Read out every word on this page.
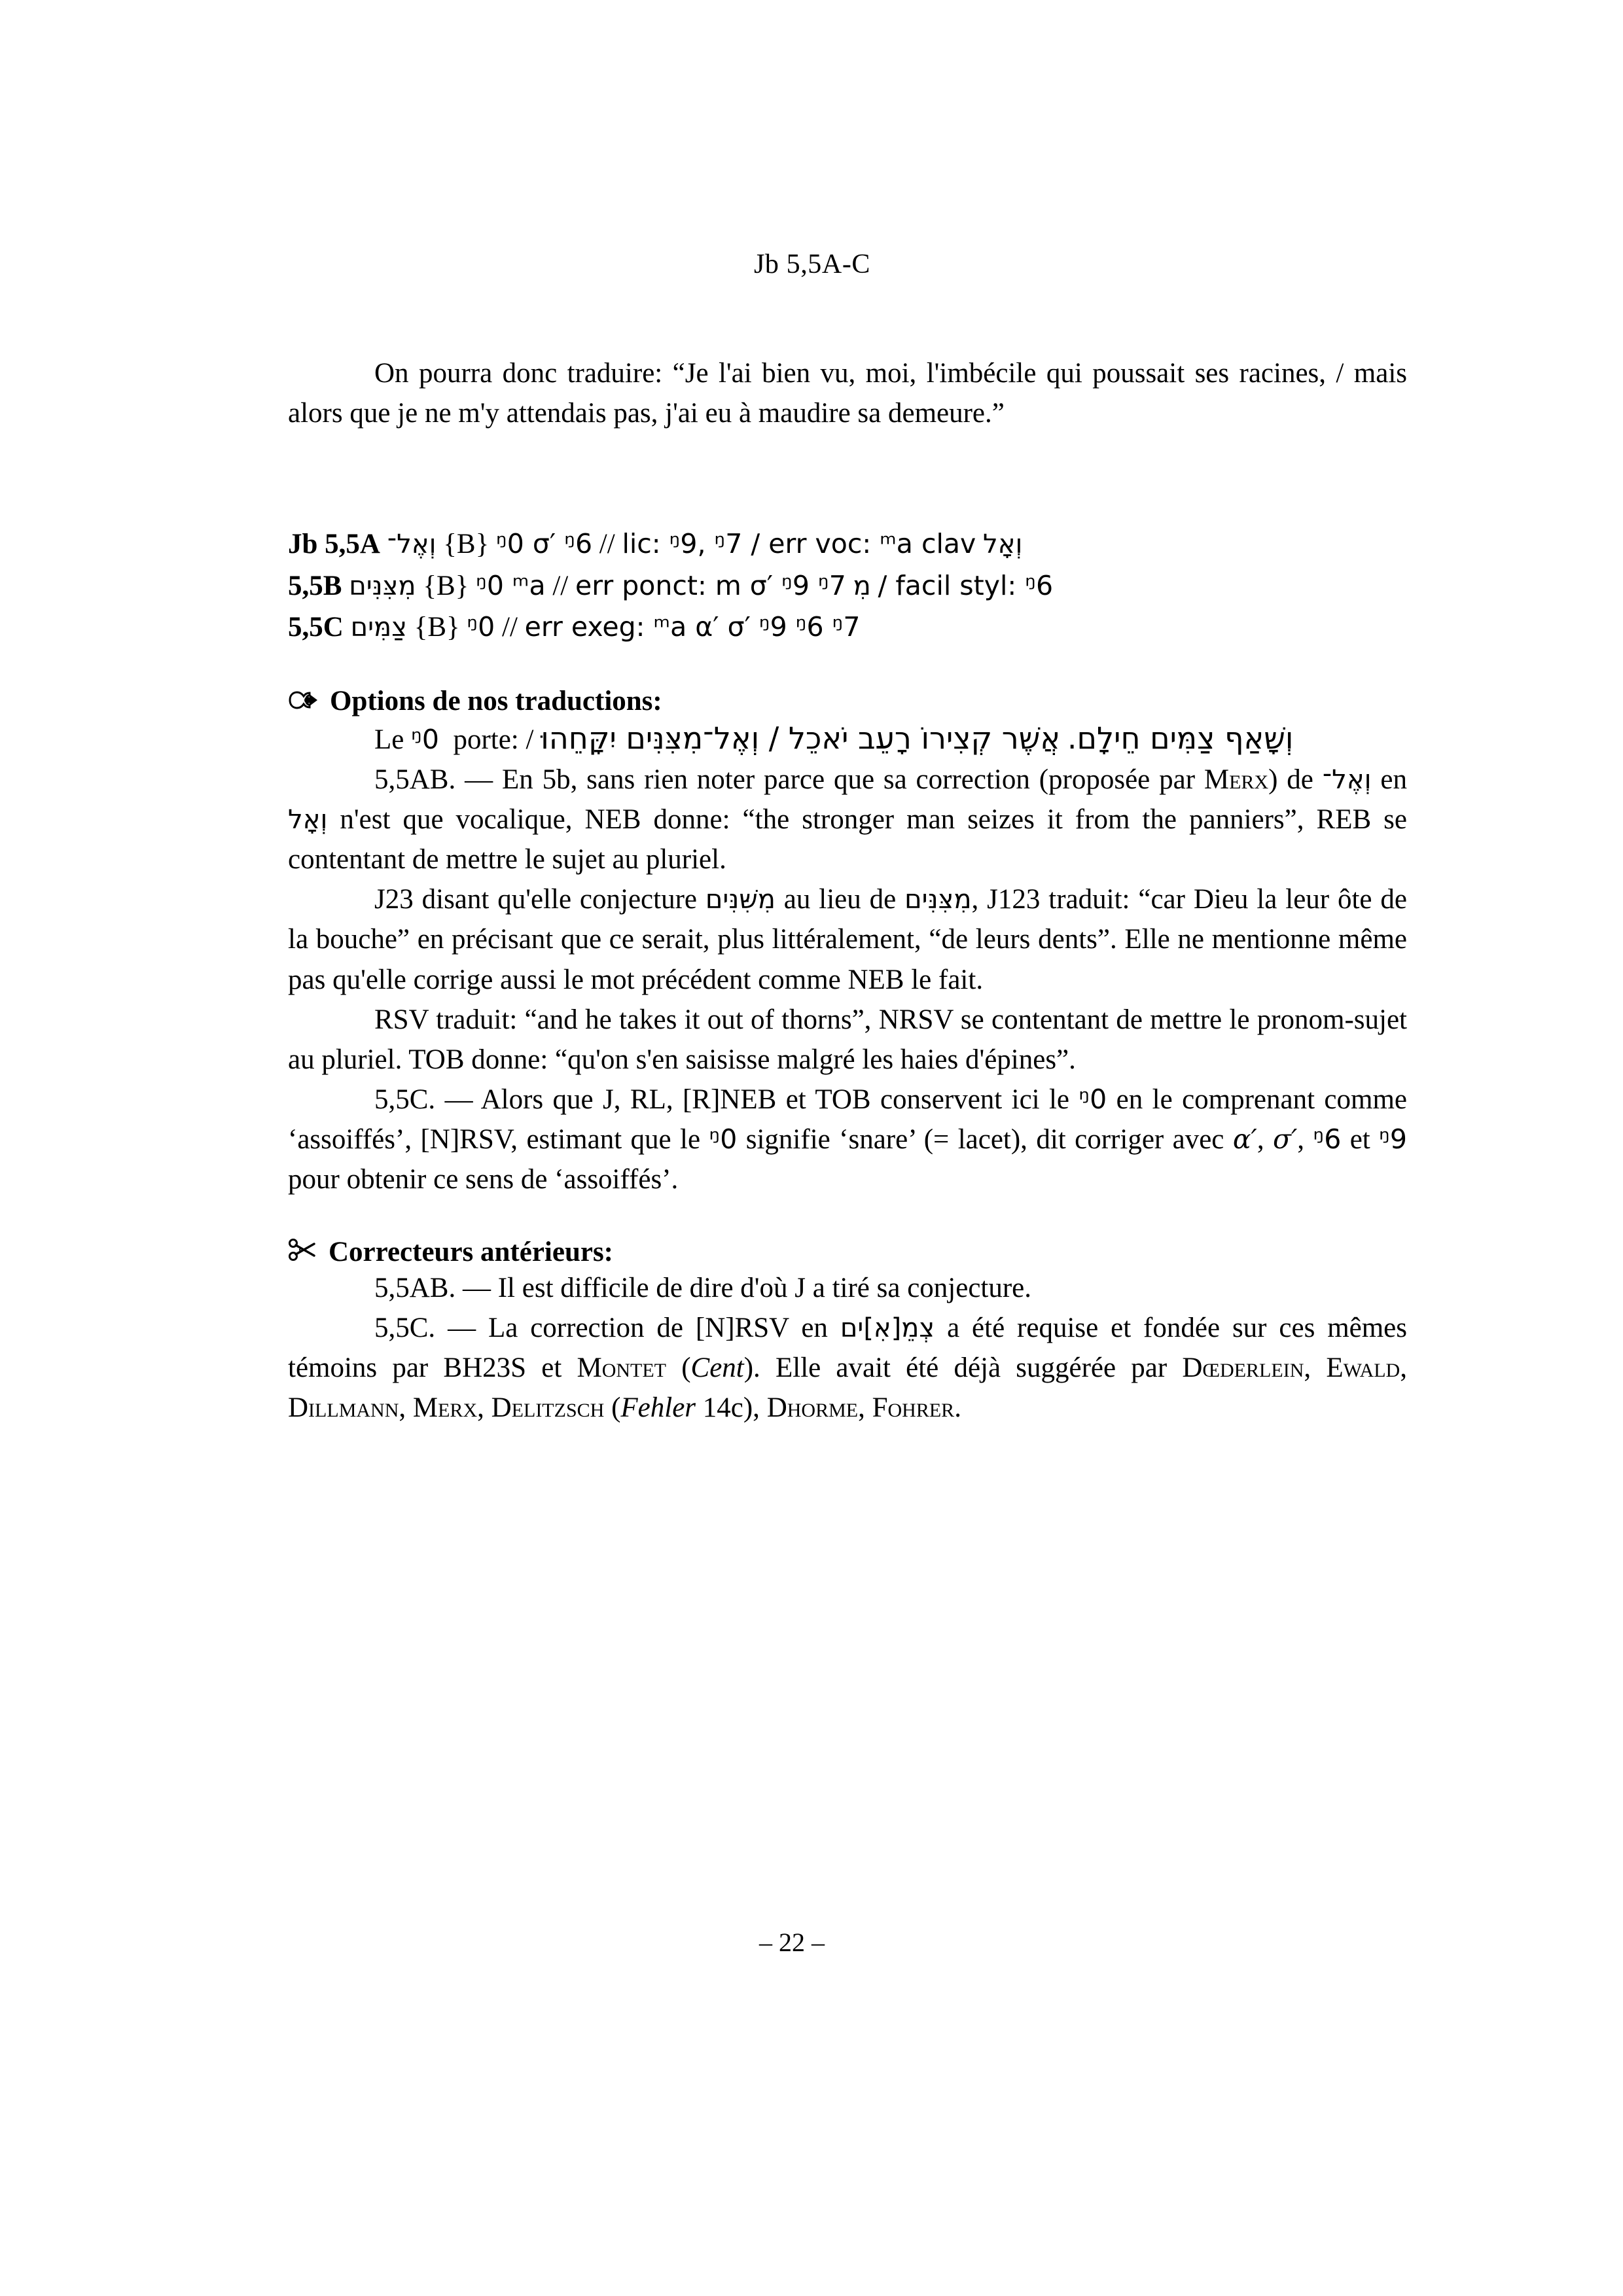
Jb 5,5A-C

On pourra donc traduire: “Je l'ai bien vu, moi, l'imbécile qui poussait ses racines, / mais alors que je ne m'y attendais pas, j'ai eu à maudire sa demeure.”

Jb 5,5A וְאֶל־ {B} ᵑ0 σ′ ᵑ6 // lic: ᵑ9, ᵑ7 / err voc: ᵐa clav וְאָל
5,5B מִצִּנִּים {B} ᵑ0 ᵐa // err ponct: m σ′ ᵑ9 ᵑ7 מִ / facil styl: ᵑ6
5,5C צַמִּים {B} ᵑ0 // err exeg: ᵐa α′ σ′ ᵑ9 ᵑ6 ᵑ7
Options de nos traductions:

Le ᵑ0 porte: / אֲשֶׁר קְצִירוֹ רָעֵב יֹאכֵל / וְאֶל־מִצִּנִּים יִקָּחֵהוּ וְשָׁאַף צַמִּים חֵילָם.

5,5AB. — En 5b, sans rien noter parce que sa correction (proposée par Merx) de וְאֶל־ en וְאָל n'est que vocalique, NEB donne: “the stronger man seizes it from the panniers”, REB se contentant de mettre le sujet au pluriel.

J23 disant qu'elle conjecture מִשִּׁנִּים au lieu de מִצִּנִּים, J123 traduit: “car Dieu la leur ôte de la bouche” en précisant que ce serait, plus littéralement, “de leurs dents”. Elle ne mentionne même pas qu'elle corrige aussi le mot précédent comme NEB le fait.

RSV traduit: “and he takes it out of thorns”, NRSV se contentant de mettre le pronom-sujet au pluriel. TOB donne: “qu'on s'en saisisse malgré les haies d'épines”.

5,5C. — Alors que J, RL, [R]NEB et TOB conservent ici le ᵑ0 en le comprenant comme ‘assoiffés’, [N]RSV, estimant que le ᵑ0 signifie ‘snare’ (= lacet), dit corriger avec α′, σ′, ᵑ6 et ᵑ9 pour obtenir ce sens de ‘assoiffés’.

Correcteurs antérieurs:

5,5AB. — Il est difficile de dire d'où J a tiré sa conjecture.

5,5C. — La correction de [N]RSV en צְמֵ[אִ]ים a été requise et fondée sur ces mêmes témoins par BH23S et Montet (Cent). Elle avait été déjà suggérée par Dœderlein, Ewald, Dillmann, Merx, Delitzsch (Fehler 14c), Dhorme, Fohrer.

– 22 –
